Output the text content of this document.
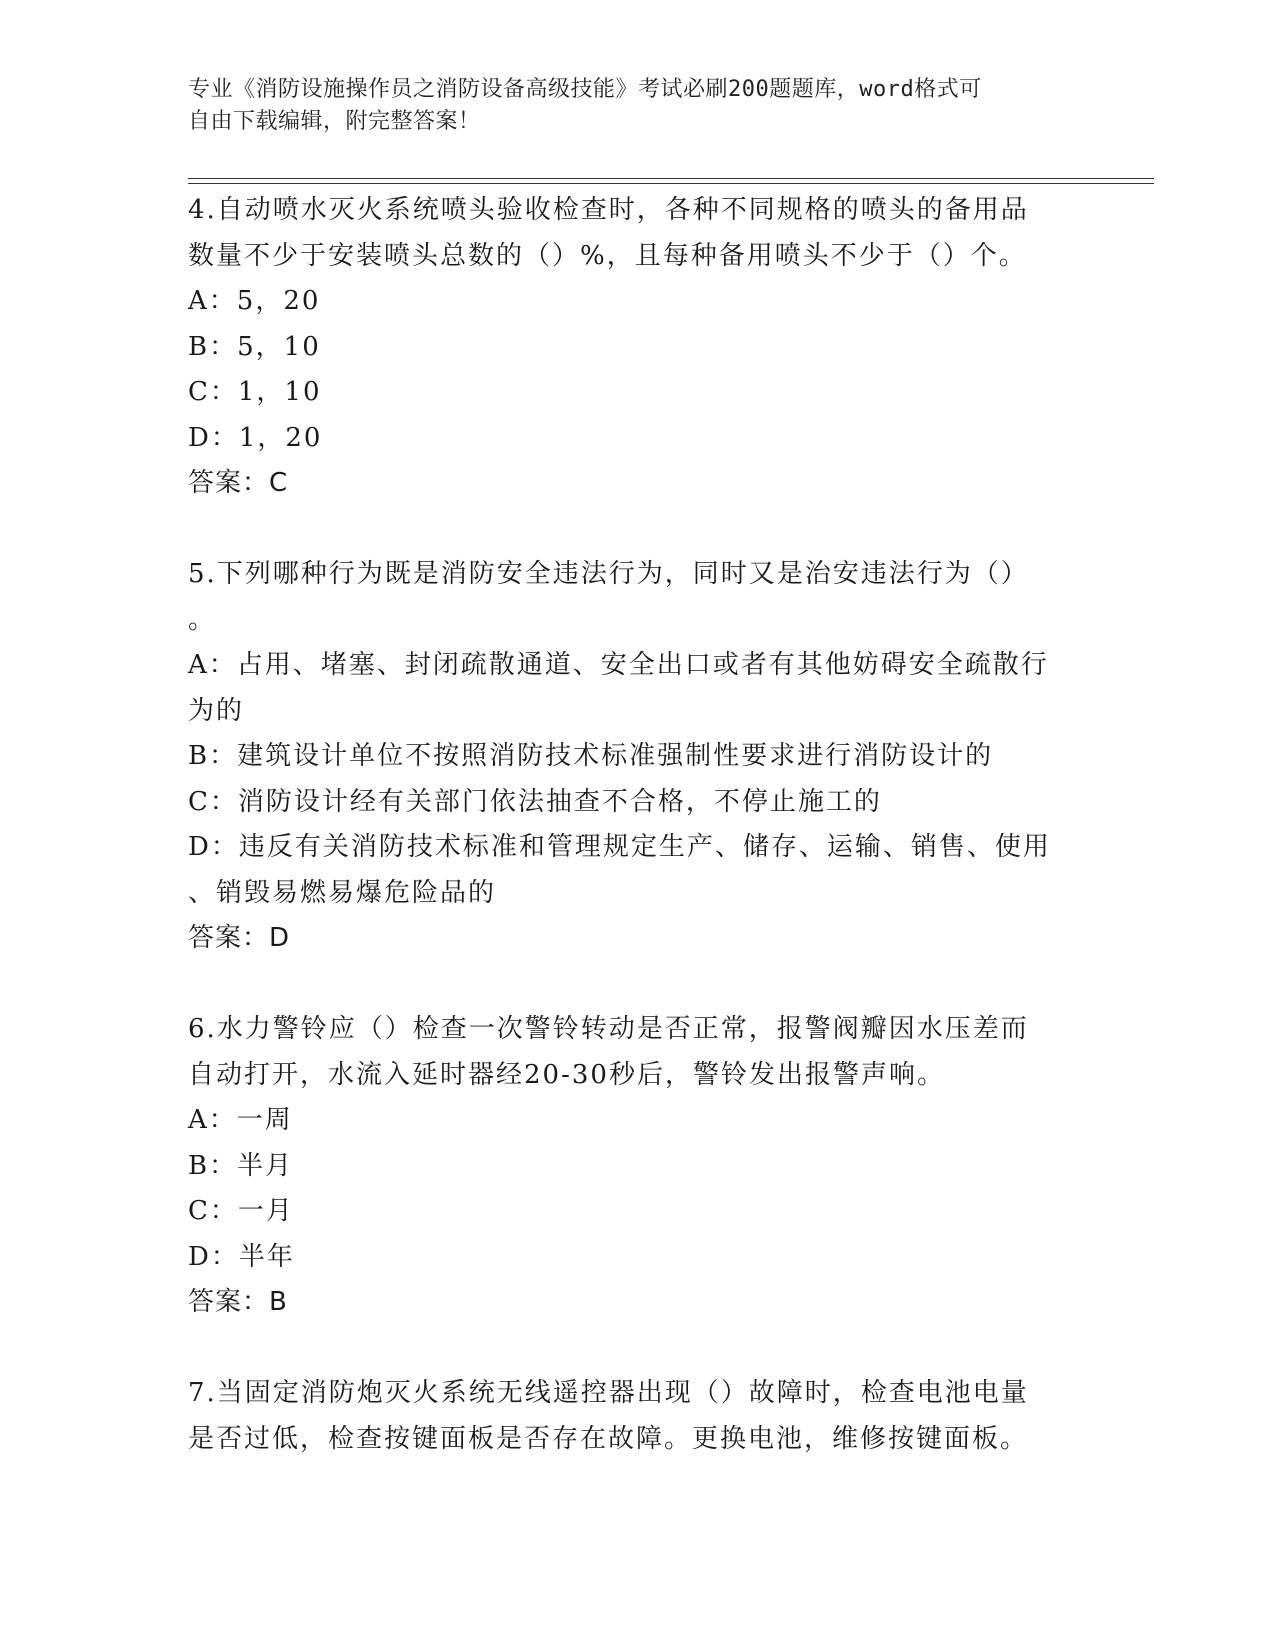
专业《消防设施操作员之消防设备高级技能》考试必刷200题题库，word格式可
自由下载编辑，附完整答案！
4.自动喷水灭火系统喷头验收检查时，各种不同规格的喷头的备用品
数量不少于安装喷头总数的（）%，且每种备用喷头不少于（）个。
A：5，20
B：5，10
C：1，10
D：1，20
答案：C
5.下列哪种行为既是消防安全违法行为，同时又是治安违法行为（）
。
A：占用、堵塞、封闭疏散通道、安全出口或者有其他妨碍安全疏散行
为的
B：建筑设计单位不按照消防技术标准强制性要求进行消防设计的
C：消防设计经有关部门依法抽查不合格，不停止施工的
D：违反有关消防技术标准和管理规定生产、储存、运输、销售、使用
、销毁易燃易爆危险品的
答案：D
6.水力警铃应（）检查一次警铃转动是否正常，报警阀瓣因水压差而
自动打开，水流入延时器经20-30秒后，警铃发出报警声响。
A：一周
B：半月
C：一月
D：半年
答案：B
7.当固定消防炮灭火系统无线遥控器出现（）故障时，检查电池电量
是否过低，检查按键面板是否存在故障。更换电池，维修按键面板。
